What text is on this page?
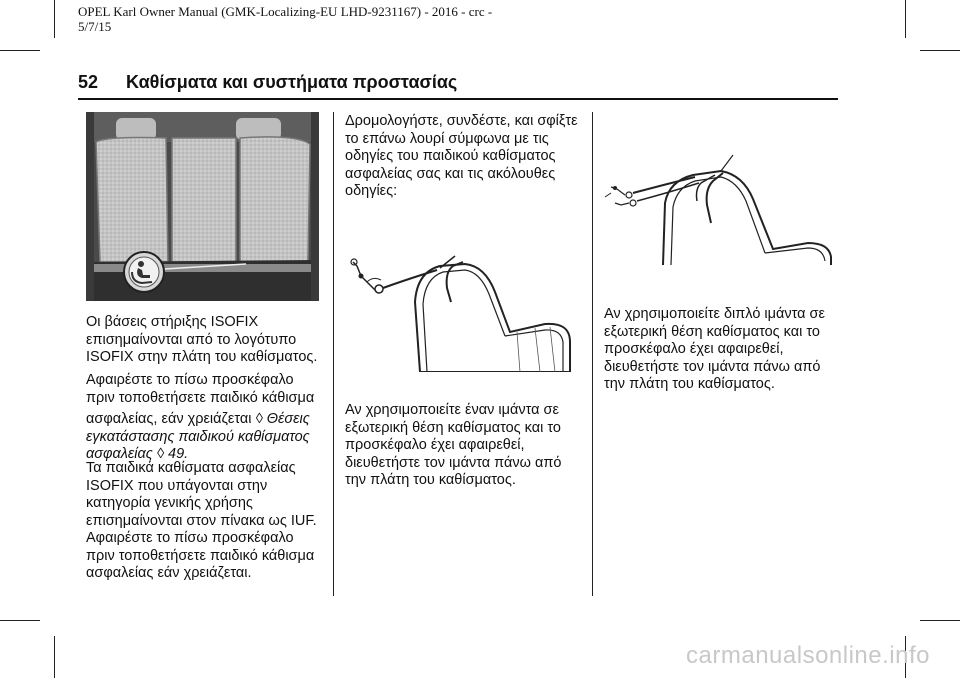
OPEL Karl Owner Manual (GMK-Localizing-EU LHD-9231167) - 2016 - crc -
5/7/15
52 Καθίσματα και συστήματα προστασίας
Οι βάσεις στήριξης ISOFIX
επισημαίνονται από το λογότυπο
ISOFIX στην πλάτη του καθίσματος.
Αφαιρέστε το πίσω προσκέφαλο
πριν τοποθετήσετε παιδικό κάθισμα
ασφαλείας, εάν χρειάζεται ◊ Θέσεις
εγκατάστασης παιδικού καθίσματος
ασφαλείας ◊ 49.
Τα παιδικά καθίσματα ασφαλείας
ISOFIX που υπάγονται στην
κατηγορία γενικής χρήσης
επισημαίνονται στον πίνακα ως IUF.
Αφαιρέστε το πίσω προσκέφαλο
πριν τοποθετήσετε παιδικό κάθισμα
ασφαλείας εάν χρειάζεται.
Δρομολογήστε, συνδέστε, και σφίξτε
το επάνω λουρί σύμφωνα με τις
οδηγίες του παιδικού καθίσματος
ασφαλείας σας και τις ακόλουθες
οδηγίες:
Αν χρησιμοποιείτε έναν ιμάντα σε
εξωτερική θέση καθίσματος και το
προσκέφαλο έχει αφαιρεθεί,
διευθετήστε τον ιμάντα πάνω από
την πλάτη του καθίσματος.
Αν χρησιμοποιείτε διπλό ιμάντα σε
εξωτερική θέση καθίσματος και το
προσκέφαλο έχει αφαιρεθεί,
διευθετήστε τον ιμάντα πάνω από
την πλάτη του καθίσματος.
carmanualsonline.info
